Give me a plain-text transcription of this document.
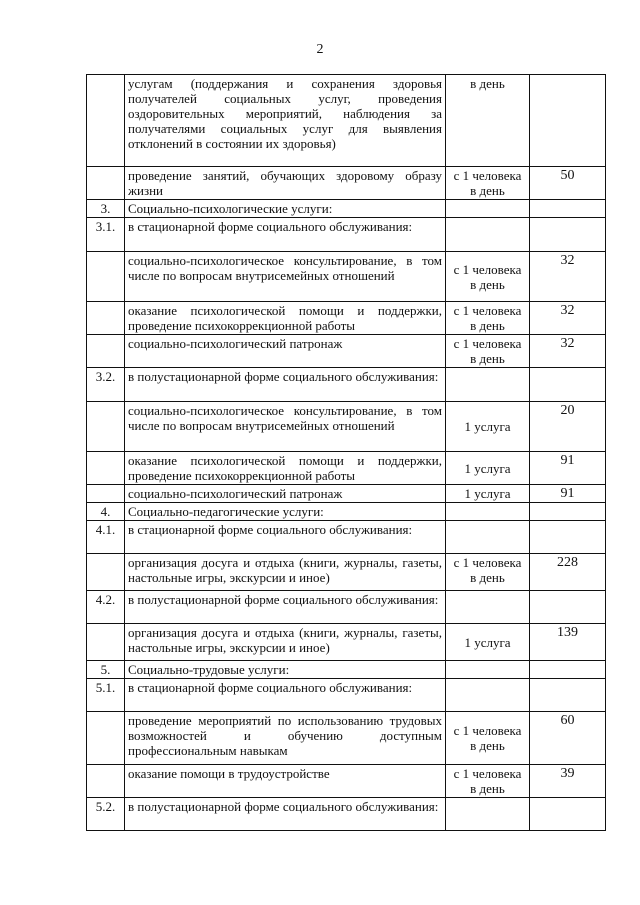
2
	услугам (поддержания и сохранения здоровья получателей социальных услуг, проведения оздоровительных мероприятий, наблюдения за получателями социальных услуг для выявления отклонений в состоянии их здоровья)	в день	
	проведение занятий, обучающих здоровому образу жизни	с 1 человека в день	50
3.	Социально-психологические услуги:		
3.1.	в стационарной форме социального обслуживания:		
	социально-психологическое консультирование, в том числе по вопросам внутрисемейных отношений	с 1 человека в день	32
	оказание психологической помощи и поддержки, проведение психокоррекционной работы	с 1 человека в день	32
	социально-психологический патронаж	с 1 человека в день	32
3.2.	в полустационарной форме социального обслуживания:		
	социально-психологическое консультирование, в том числе по вопросам внутрисемейных отношений	1 услуга	20
	оказание психологической помощи и поддержки, проведение психокоррекционной работы	1 услуга	91
	социально-психологический патронаж	1 услуга	91
4.	Социально-педагогические услуги:		
4.1.	в стационарной форме социального обслуживания:		
	организация досуга и отдыха (книги, журналы, газеты, настольные игры, экскурсии и иное)	с 1 человека в день	228
4.2.	в полустационарной форме социального обслуживания:		
	организация досуга и отдыха (книги, журналы, газеты, настольные игры, экскурсии и иное)	1 услуга	139
5.	Социально-трудовые услуги:		
5.1.	в стационарной форме социального обслуживания:		
	проведение мероприятий по использованию трудовых возможностей и обучению доступным профессиональным навыкам	с 1 человека в день	60
	оказание помощи в трудоустройстве	с 1 человека в день	39
5.2.	в полустационарной форме социального обслуживания:		
